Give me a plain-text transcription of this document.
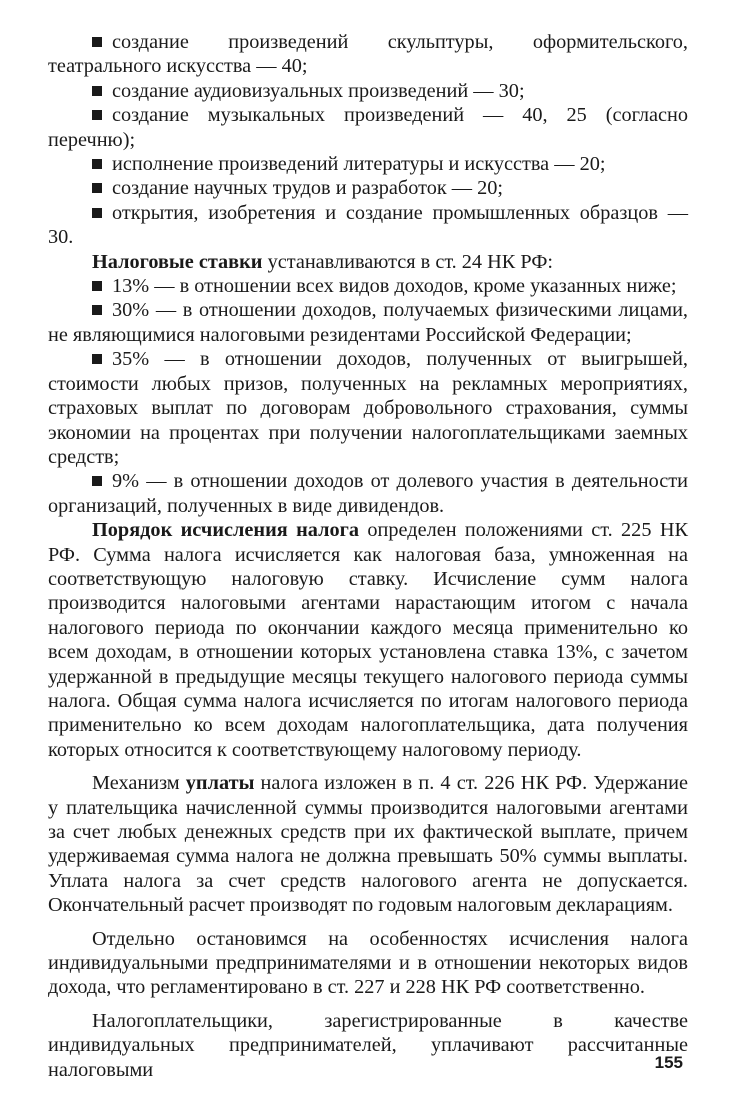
создание произведений скульптуры, оформительского, театрального искусства — 40;

создание аудиовизуальных произведений — 30;

создание музыкальных произведений — 40, 25 (согласно перечню);

исполнение произведений литературы и искусства — 20;

создание научных трудов и разработок — 20;

открытия, изобретения и создание промышленных образцов — 30.

Налоговые ставки устанавливаются в ст. 24 НК РФ:

13% — в отношении всех видов доходов, кроме указанных ниже;

30% — в отношении доходов, получаемых физическими лицами, не являющимися налоговыми резидентами Российской Федерации;

35% — в отношении доходов, полученных от выигрышей, стоимости любых призов, полученных на рекламных мероприятиях, страховых выплат по договорам добровольного страхования, суммы экономии на процентах при получении налогоплательщиками заемных средств;

9% — в отношении доходов от долевого участия в деятельности организаций, полученных в виде дивидендов.

Порядок исчисления налога определен положениями ст. 225 НК РФ. Сумма налога исчисляется как налоговая база, умноженная на соответствующую налоговую ставку. Исчисление сумм налога производится налоговыми агентами нарастающим итогом с начала налогового периода по окончании каждого месяца применительно ко всем доходам, в отношении которых установлена ставка 13%, с зачетом удержанной в предыдущие месяцы текущего налогового периода суммы налога. Общая сумма налога исчисляется по итогам налогового периода применительно ко всем доходам налогоплательщика, дата получения которых относится к соответствующему налоговому периоду.

Механизм уплаты налога изложен в п. 4 ст. 226 НК РФ. Удержание у плательщика начисленной суммы производится налоговыми агентами за счет любых денежных средств при их фактической выплате, причем удерживаемая сумма налога не должна превышать 50% суммы выплаты. Уплата налога за счет средств налогового агента не допускается. Окончательный расчет производят по годовым налоговым декларациям.

Отдельно остановимся на особенностях исчисления налога индивидуальными предпринимателями и в отношении некоторых видов дохода, что регламентировано в ст. 227 и 228 НК РФ соответственно.

Налогоплательщики, зарегистрированные в качестве индивидуальных предпринимателей, уплачивают рассчитанные налоговыми	155
